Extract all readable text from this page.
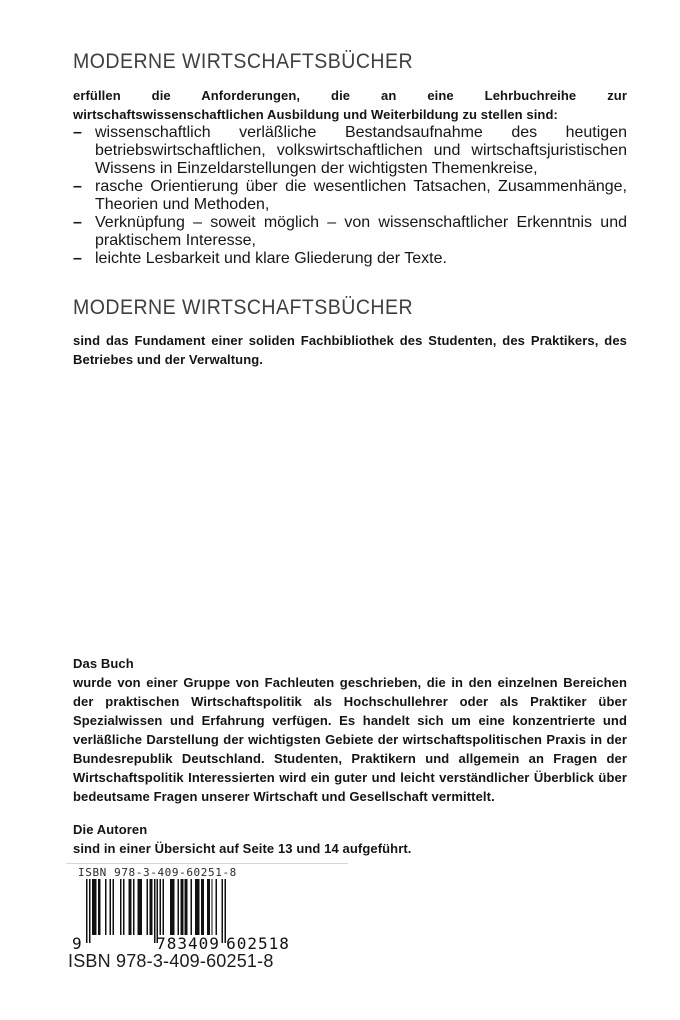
MODERNE WIRTSCHAFTSBÜCHER

erfüllen die Anforderungen, die an eine Lehrbuchreihe zur wirtschaftswissenschaftlichen Ausbildung und Weiterbildung zu stellen sind:

– wissenschaftlich verläßliche Bestandsaufnahme des heutigen betriebswirtschaftlichen, volkswirtschaftlichen und wirtschaftsjuristischen Wissens in Einzeldarstellungen der wichtigsten Themenkreise,
– rasche Orientierung über die wesentlichen Tatsachen, Zusammenhänge, Theorien und Methoden,
– Verknüpfung – soweit möglich – von wissenschaftlicher Erkenntnis und praktischem Interesse,
– leichte Lesbarkeit und klare Gliederung der Texte.
MODERNE WIRTSCHAFTSBÜCHER

sind das Fundament einer soliden Fachbibliothek des Studenten, des Praktikers, des Betriebes und der Verwaltung.

Das Buch

wurde von einer Gruppe von Fachleuten geschrieben, die in den einzelnen Bereichen der praktischen Wirtschaftspolitik als Hochschullehrer oder als Praktiker über Spezialwissen und Erfahrung verfügen. Es handelt sich um eine konzentrierte und verläßliche Darstellung der wichtigsten Gebiete der wirtschaftspolitischen Praxis in der Bundesrepublik Deutschland. Studenten, Praktikern und allgemein an Fragen der Wirtschaftspolitik Interessierten wird ein guter und leicht verständlicher Überblick über bedeutsame Fragen unserer Wirtschaft und Gesellschaft vermittelt.

Die Autoren

sind in einer Übersicht auf Seite 13 und 14 aufgeführt.

ISBN 978-3-409-60251-8
9	783409 602518
ISBN 978-3-409-60251-8
